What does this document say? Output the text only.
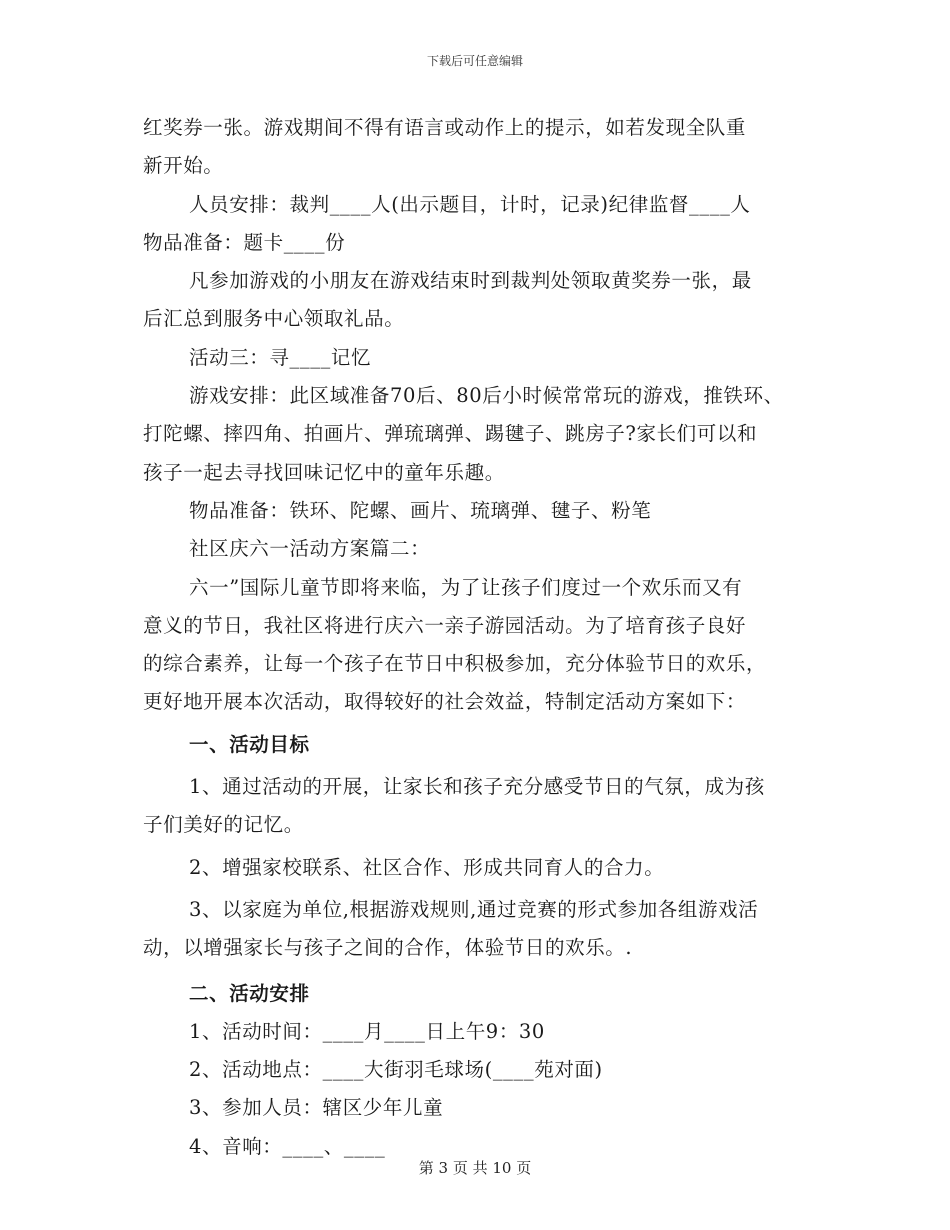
下载后可任意编辑
红奖券一张。游戏期间不得有语言或动作上的提示，如若发现全队重
新开始。
人员安排：裁判____人(出示题目，计时，记录)纪律监督____人
物品准备：题卡____份
凡参加游戏的小朋友在游戏结束时到裁判处领取黄奖券一张，最
后汇总到服务中心领取礼品。
活动三：寻____记忆
游戏安排：此区域准备70后、80后小时候常常玩的游戏，推铁环、
打陀螺、摔四角、拍画片、弹琉璃弹、踢毽子、跳房子?家长们可以和
孩子一起去寻找回味记忆中的童年乐趣。
物品准备：铁环、陀螺、画片、琉璃弹、毽子、粉笔
社区庆六一活动方案篇二：
六一”国际儿童节即将来临，为了让孩子们度过一个欢乐而又有
意义的节日，我社区将进行庆六一亲子游园活动。为了培育孩子良好
的综合素养，让每一个孩子在节日中积极参加，充分体验节日的欢乐，
更好地开展本次活动，取得较好的社会效益，特制定活动方案如下：
一、活动目标
1、通过活动的开展，让家长和孩子充分感受节日的气氛，成为孩
子们美好的记忆。
2、增强家校联系、社区合作、形成共同育人的合力。
3、以家庭为单位,根据游戏规则,通过竞赛的形式参加各组游戏活
动，以增强家长与孩子之间的合作，体验节日的欢乐。.
二、活动安排
1、活动时间：____月____日上午9：30
2、活动地点：____大街羽毛球场(____苑对面)
3、参加人员：辖区少年儿童
4、音响：____、____
第 3 页 共 10 页
